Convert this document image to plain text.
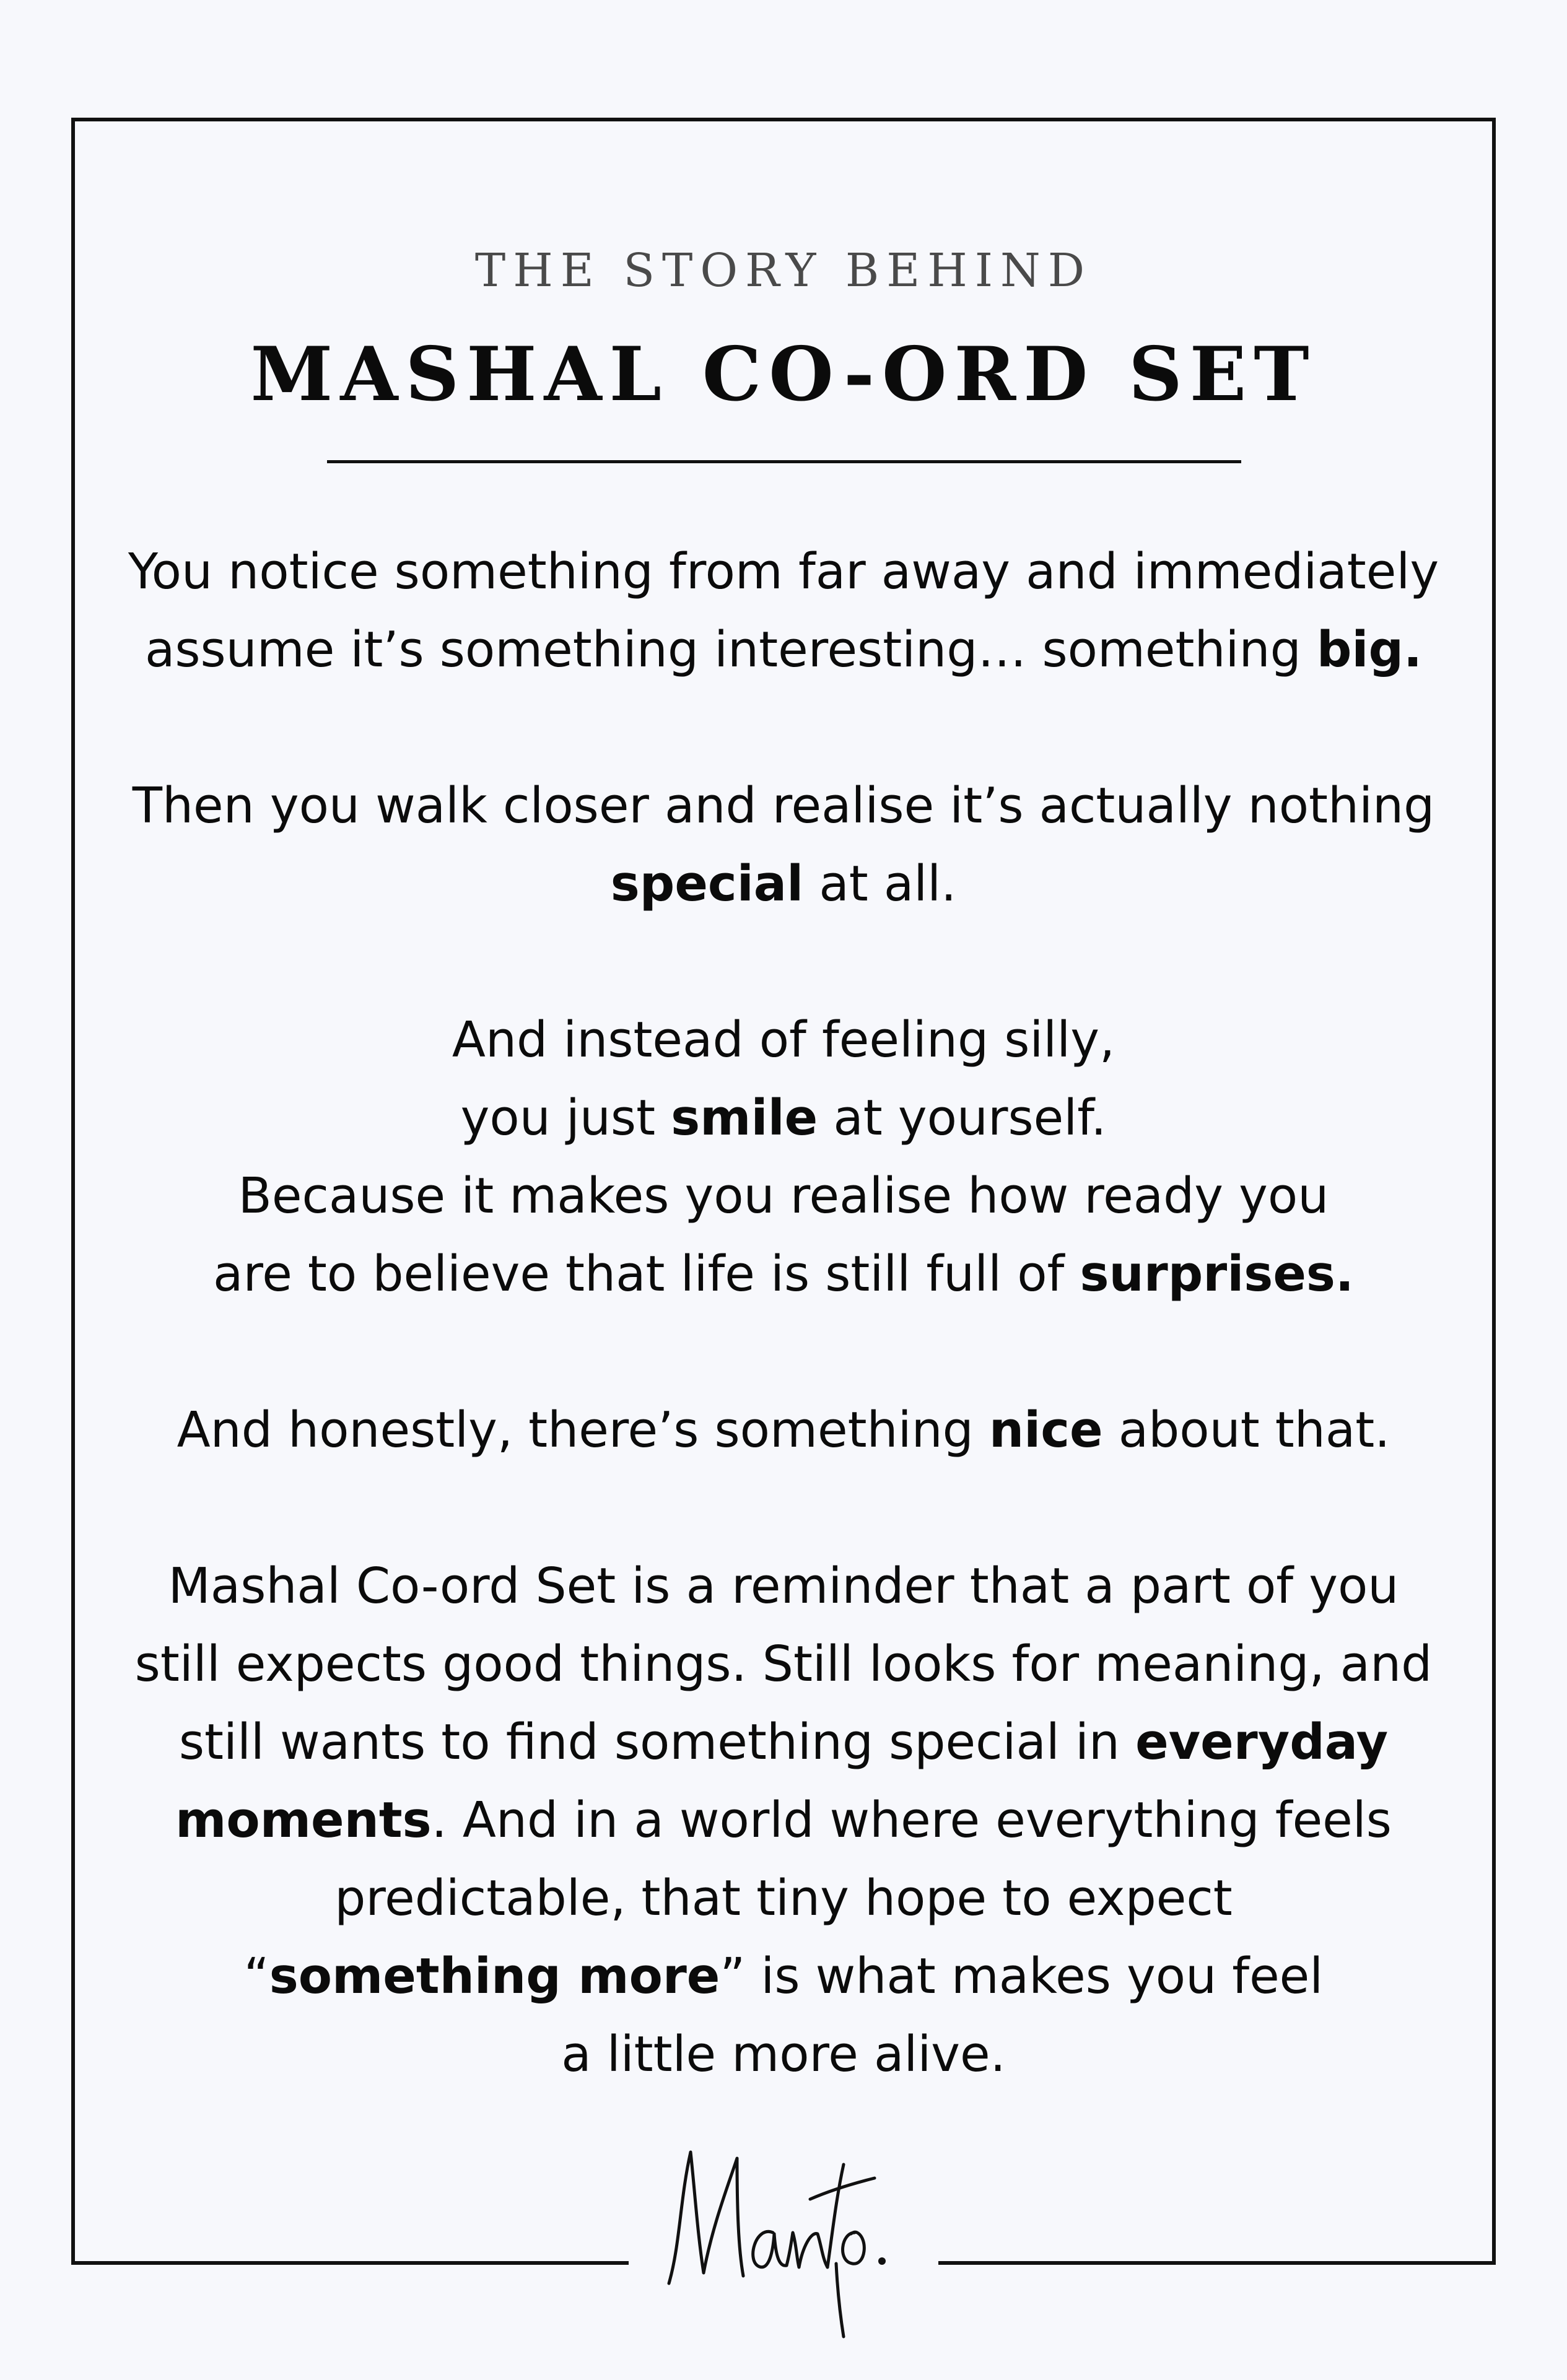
THE STORY BEHIND
MASHAL CO-ORD SET

You notice something from far away and immediately
assume it’s something interesting… something big.

Then you walk closer and realise it’s actually nothing
special at all.

And instead of feeling silly,
you just smile at yourself.
Because it makes you realise how ready you
are to believe that life is still full of surprises.

And honestly, there’s something nice about that.

Mashal Co-ord Set is a reminder that a part of you
still expects good things. Still looks for meaning, and
still wants to find something special in everyday
moments. And in a world where everything feels
predictable, that tiny hope to expect
“something more” is what makes you feel
a little more alive.
